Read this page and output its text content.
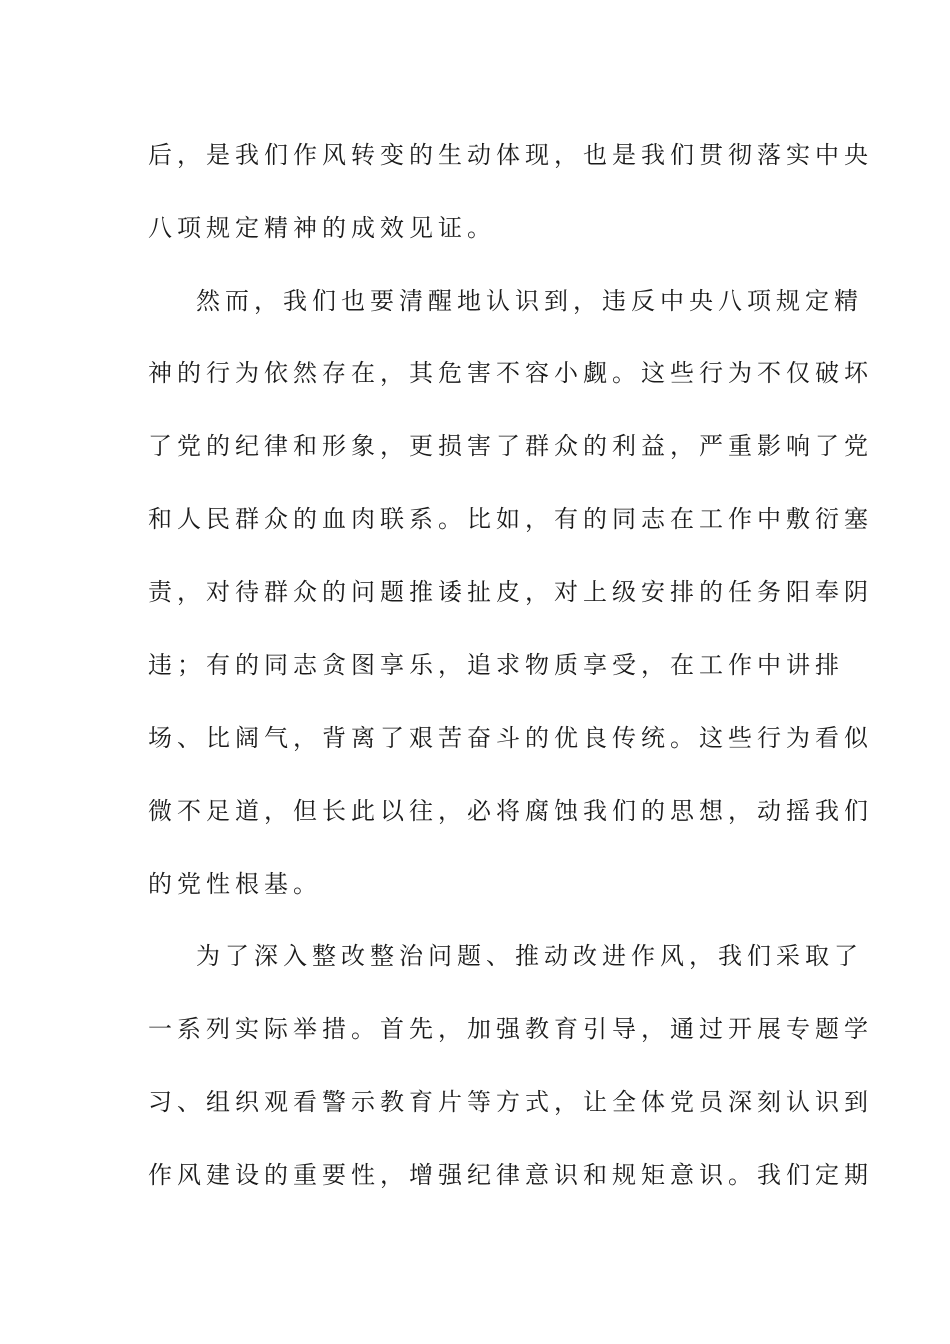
后，是我们作风转变的生动体现，也是我们贯彻落实中央
八项规定精神的成效见证。
然而，我们也要清醒地认识到，违反中央八项规定精
神的行为依然存在，其危害不容小觑。这些行为不仅破坏
了党的纪律和形象，更损害了群众的利益，严重影响了党
和人民群众的血肉联系。比如，有的同志在工作中敷衍塞
责，对待群众的问题推诿扯皮，对上级安排的任务阳奉阴
违；有的同志贪图享乐，追求物质享受，在工作中讲排
场、比阔气，背离了艰苦奋斗的优良传统。这些行为看似
微不足道，但长此以往，必将腐蚀我们的思想，动摇我们
的党性根基。
为了深入整改整治问题、推动改进作风，我们采取了
一系列实际举措。首先，加强教育引导，通过开展专题学
习、组织观看警示教育片等方式，让全体党员深刻认识到
作风建设的重要性，增强纪律意识和规矩意识。我们定期
